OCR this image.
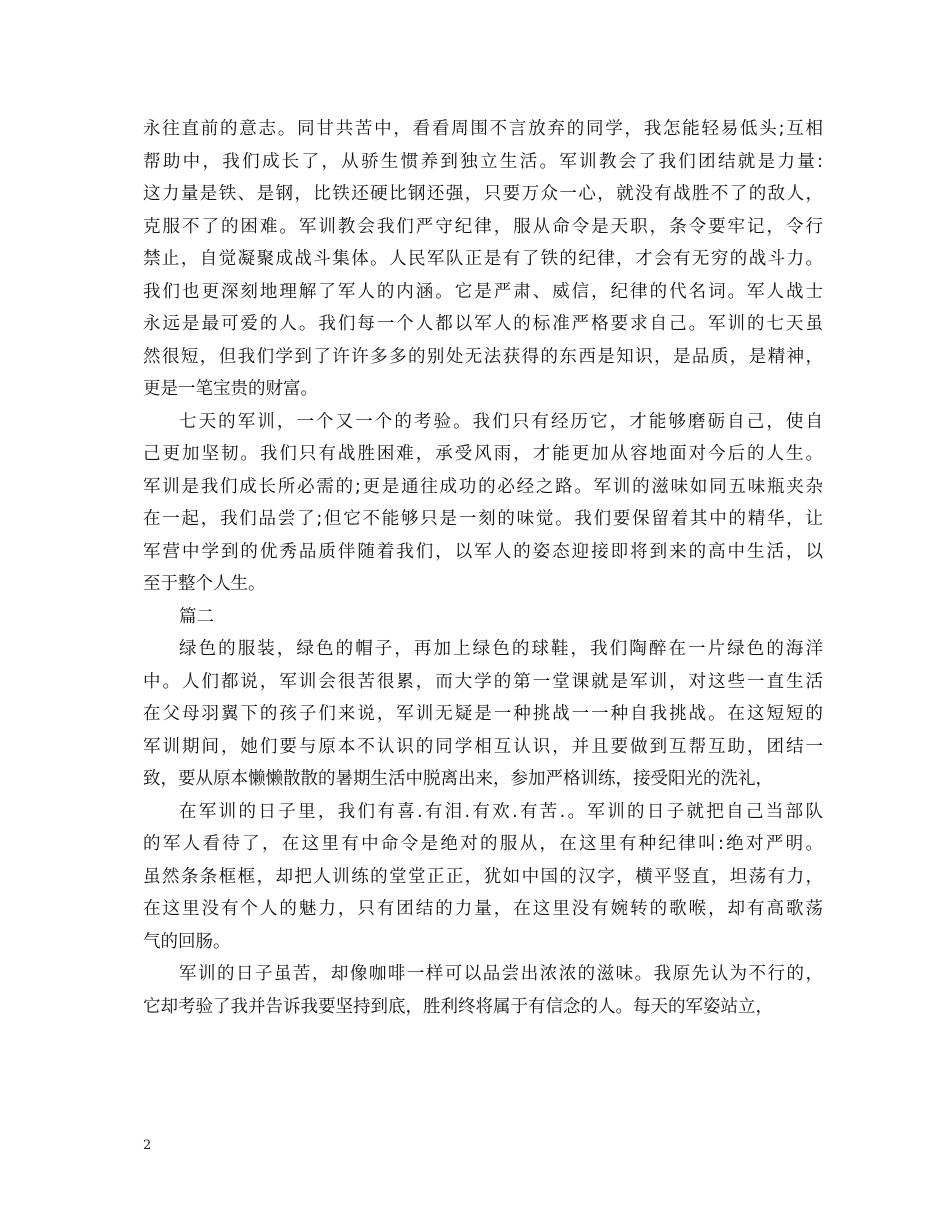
永往直前的意志。同甘共苦中，看看周围不言放弃的同学，我怎能轻易低头;互相
帮助中，我们成长了，从骄生惯养到独立生活。军训教会了我们团结就是力量:
这力量是铁、是钢，比铁还硬比钢还强，只要万众一心，就没有战胜不了的敌人，
克服不了的困难。军训教会我们严守纪律，服从命令是天职，条令要牢记，令行
禁止，自觉凝聚成战斗集体。人民军队正是有了铁的纪律，才会有无穷的战斗力。
我们也更深刻地理解了军人的内涵。它是严肃、威信，纪律的代名词。军人战士
永远是最可爱的人。我们每一个人都以军人的标准严格要求自己。军训的七天虽
然很短，但我们学到了许许多多的别处无法获得的东西是知识，是品质，是精神，
更是一笔宝贵的财富。
七天的军训，一个又一个的考验。我们只有经历它，才能够磨砺自己，使自
己更加坚韧。我们只有战胜困难，承受风雨，才能更加从容地面对今后的人生。
军训是我们成长所必需的;更是通往成功的必经之路。军训的滋味如同五味瓶夹杂
在一起，我们品尝了;但它不能够只是一刻的味觉。我们要保留着其中的精华，让
军营中学到的优秀品质伴随着我们，以军人的姿态迎接即将到来的高中生活，以
至于整个人生。
篇二
绿色的服装，绿色的帽子，再加上绿色的球鞋，我们陶醉在一片绿色的海洋
中。人们都说，军训会很苦很累，而大学的第一堂课就是军训，对这些一直生活
在父母羽翼下的孩子们来说，军训无疑是一种挑战一一种自我挑战。在这短短的
军训期间，她们要与原本不认识的同学相互认识，并且要做到互帮互助，团结一
致，要从原本懒懒散散的暑期生活中脱离出来，参加严格训练，接受阳光的洗礼，
在军训的日子里，我们有喜.有泪.有欢.有苦.。军训的日子就把自己当部队
的军人看待了，在这里有中命令是绝对的服从，在这里有种纪律叫:绝对严明。
虽然条条框框，却把人训练的堂堂正正，犹如中国的汉字，横平竖直，坦荡有力，
在这里没有个人的魅力，只有团结的力量，在这里没有婉转的歌喉，却有高歌荡
气的回肠。
军训的日子虽苦，却像咖啡一样可以品尝出浓浓的滋味。我原先认为不行的，
它却考验了我并告诉我要坚持到底，胜利终将属于有信念的人。每天的军姿站立，
2
